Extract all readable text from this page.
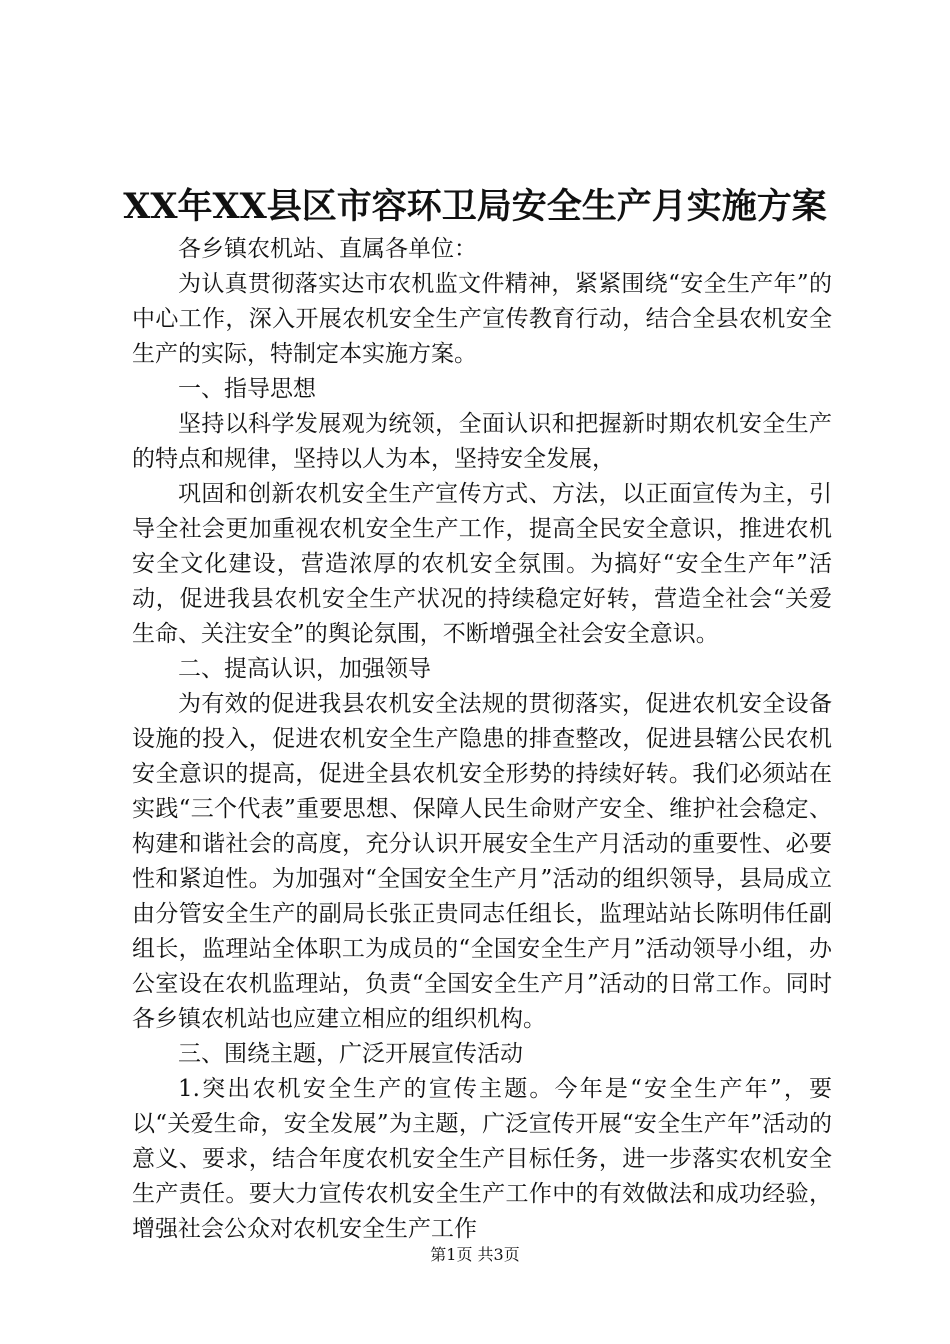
XX年XX县区市容环卫局安全生产月实施方案

各乡镇农机站、直属各单位：

为认真贯彻落实达市农机监文件精神，紧紧围绕“安全生产年”的中心工作，深入开展农机安全生产宣传教育行动，结合全县农机安全生产的实际，特制定本实施方案。

一、指导思想

坚持以科学发展观为统领，全面认识和把握新时期农机安全生产的特点和规律，坚持以人为本，坚持安全发展，

巩固和创新农机安全生产宣传方式、方法，以正面宣传为主，引导全社会更加重视农机安全生产工作，提高全民安全意识，推进农机安全文化建设，营造浓厚的农机安全氛围。为搞好“安全生产年”活动，促进我县农机安全生产状况的持续稳定好转，营造全社会“关爱生命、关注安全”的舆论氛围，不断增强全社会安全意识。

二、提高认识，加强领导

为有效的促进我县农机安全法规的贯彻落实，促进农机安全设备设施的投入，促进农机安全生产隐患的排查整改，促进县辖公民农机安全意识的提高，促进全县农机安全形势的持续好转。我们必须站在实践“三个代表”重要思想、保障人民生命财产安全、维护社会稳定、构建和谐社会的高度，充分认识开展安全生产月活动的重要性、必要性和紧迫性。为加强对“全国安全生产月”活动的组织领导，县局成立由分管安全生产的副局长张正贵同志任组长，监理站站长陈明伟任副组长，监理站全体职工为成员的“全国安全生产月”活动领导小组，办公室设在农机监理站，负责“全国安全生产月”活动的日常工作。同时各乡镇农机站也应建立相应的组织机构。

三、围绕主题，广泛开展宣传活动

1.突出农机安全生产的宣传主题。今年是“安全生产年”，要以“关爱生命，安全发展”为主题，广泛宣传开展“安全生产年”活动的意义、要求，结合年度农机安全生产目标任务，进一步落实农机安全生产责任。要大力宣传农机安全生产工作中的有效做法和成功经验，增强社会公众对农机安全生产工作

第1页 共3页
